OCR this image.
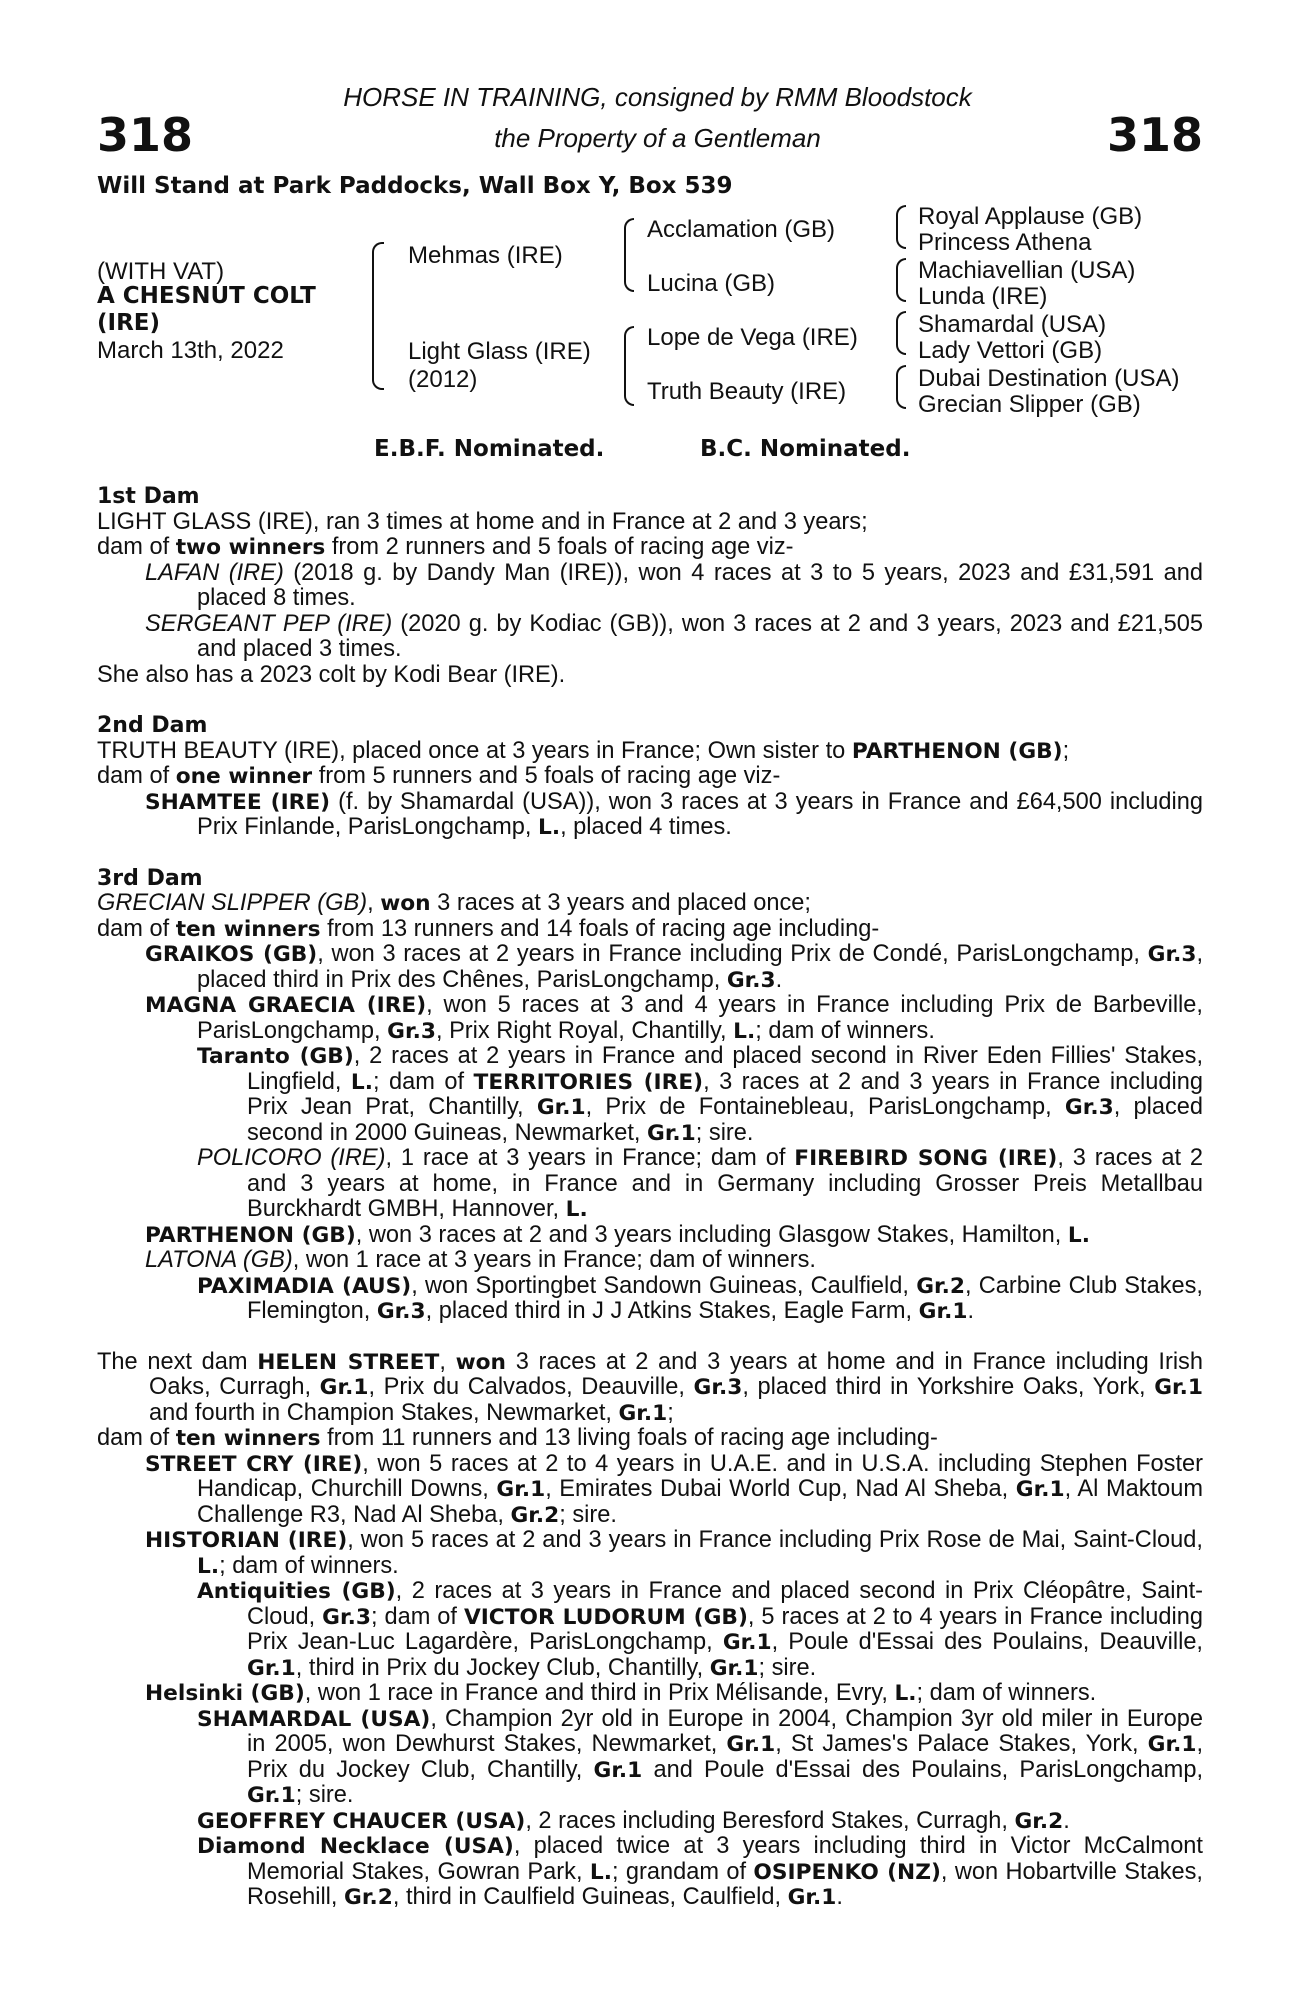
318	318
HORSE IN TRAINING, consigned by RMM Bloodstock
the Property of a Gentleman
Will Stand at Park Paddocks, Wall Box Y, Box 539
(WITH VAT)
A CHESNUT COLT
(IRE)
March 13th, 2022
Mehmas (IRE)
Light Glass (IRE)
(2012)
Acclamation (GB)
Lucina (GB)
Lope de Vega (IRE)
Truth Beauty (IRE)
Royal Applause (GB)
Princess Athena
Machiavellian (USA)
Lunda (IRE)
Shamardal (USA)
Lady Vettori (GB)
Dubai Destination (USA)
Grecian Slipper (GB)
E.B.F. Nominated.	B.C. Nominated.

1st Dam

LIGHT GLASS (IRE), ran 3 times at home and in France at 2 and 3 years;

dam of two winners from 2 runners and 5 foals of racing age viz-

LAFAN (IRE) (2018 g. by Dandy Man (IRE)), won 4 races at 3 to 5 years, 2023 and £31,591 and placed 8 times.

SERGEANT PEP (IRE) (2020 g. by Kodiac (GB)), won 3 races at 2 and 3 years, 2023 and £21,505 and placed 3 times.

She also has a 2023 colt by Kodi Bear (IRE).

2nd Dam

TRUTH BEAUTY (IRE), placed once at 3 years in France; Own sister to PARTHENON (GB);

dam of one winner from 5 runners and 5 foals of racing age viz-

SHAMTEE (IRE) (f. by Shamardal (USA)), won 3 races at 3 years in France and £64,500 including Prix Finlande, ParisLongchamp, L., placed 4 times.

3rd Dam

GRECIAN SLIPPER (GB), won 3 races at 3 years and placed once;

dam of ten winners from 13 runners and 14 foals of racing age including-

GRAIKOS (GB), won 3 races at 2 years in France including Prix de Condé, ParisLongchamp, Gr.3, placed third in Prix des Chênes, ParisLongchamp, Gr.3.

MAGNA GRAECIA (IRE), won 5 races at 3 and 4 years in France including Prix de Barbeville, ParisLongchamp, Gr.3, Prix Right Royal, Chantilly, L.; dam of winners.

Taranto (GB), 2 races at 2 years in France and placed second in River Eden Fillies' Stakes, Lingfield, L.; dam of TERRITORIES (IRE), 3 races at 2 and 3 years in France including Prix Jean Prat, Chantilly, Gr.1, Prix de Fontainebleau, ParisLongchamp, Gr.3, placed second in 2000 Guineas, Newmarket, Gr.1; sire.

POLICORO (IRE), 1 race at 3 years in France; dam of FIREBIRD SONG (IRE), 3 races at 2 and 3 years at home, in France and in Germany including Grosser Preis Metallbau Burckhardt GMBH, Hannover, L.

PARTHENON (GB), won 3 races at 2 and 3 years including Glasgow Stakes, Hamilton, L.

LATONA (GB), won 1 race at 3 years in France; dam of winners.

PAXIMADIA (AUS), won Sportingbet Sandown Guineas, Caulfield, Gr.2, Carbine Club Stakes, Flemington, Gr.3, placed third in J J Atkins Stakes, Eagle Farm, Gr.1.

The next dam HELEN STREET, won 3 races at 2 and 3 years at home and in France including Irish Oaks, Curragh, Gr.1, Prix du Calvados, Deauville, Gr.3, placed third in Yorkshire Oaks, York, Gr.1 and fourth in Champion Stakes, Newmarket, Gr.1;

dam of ten winners from 11 runners and 13 living foals of racing age including-

STREET CRY (IRE), won 5 races at 2 to 4 years in U.A.E. and in U.S.A. including Stephen Foster Handicap, Churchill Downs, Gr.1, Emirates Dubai World Cup, Nad Al Sheba, Gr.1, Al Maktoum Challenge R3, Nad Al Sheba, Gr.2; sire.

HISTORIAN (IRE), won 5 races at 2 and 3 years in France including Prix Rose de Mai, Saint-Cloud, L.; dam of winners.

Antiquities (GB), 2 races at 3 years in France and placed second in Prix Cléopâtre, Saint-Cloud, Gr.3; dam of VICTOR LUDORUM (GB), 5 races at 2 to 4 years in France including Prix Jean-Luc Lagardère, ParisLongchamp, Gr.1, Poule d'Essai des Poulains, Deauville, Gr.1, third in Prix du Jockey Club, Chantilly, Gr.1; sire.

Helsinki (GB), won 1 race in France and third in Prix Mélisande, Evry, L.; dam of winners.

SHAMARDAL (USA), Champion 2yr old in Europe in 2004, Champion 3yr old miler in Europe in 2005, won Dewhurst Stakes, Newmarket, Gr.1, St James's Palace Stakes, York, Gr.1, Prix du Jockey Club, Chantilly, Gr.1 and Poule d'Essai des Poulains, ParisLongchamp, Gr.1; sire.

GEOFFREY CHAUCER (USA), 2 races including Beresford Stakes, Curragh, Gr.2.

Diamond Necklace (USA), placed twice at 3 years including third in Victor McCalmont Memorial Stakes, Gowran Park, L.; grandam of OSIPENKO (NZ), won Hobartville Stakes, Rosehill, Gr.2, third in Caulfield Guineas, Caulfield, Gr.1.
